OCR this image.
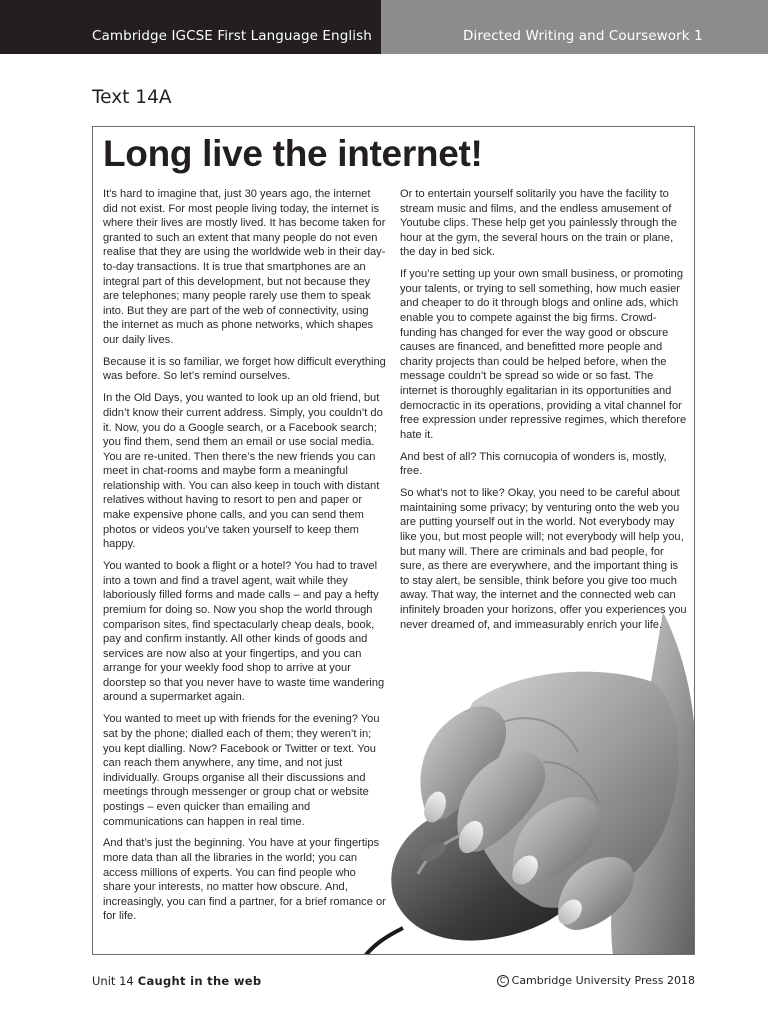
Cambridge IGCSE First Language English	Directed Writing and Coursework 1
Text 14A
Long live the internet!

It’s hard to imagine that, just 30 years ago, the internet did not exist. For most people living today, the internet is where their lives are mostly lived. It has become taken for granted to such an extent that many people do not even realise that they are using the worldwide web in their day-to-day transactions. It is true that smartphones are an integral part of this development, but not because they are telephones; many people rarely use them to speak into. But they are part of the web of connectivity, using the internet as much as phone networks, which shapes our daily lives.

Because it is so familiar, we forget how difficult everything was before. So let’s remind ourselves.

In the Old Days, you wanted to look up an old friend, but didn’t know their current address. Simply, you couldn’t do it. Now, you do a Google search, or a Facebook search; you find them, send them an email or use social media. You are re-united. Then there’s the new friends you can meet in chat-rooms and maybe form a meaningful relationship with. You can also keep in touch with distant relatives without having to resort to pen and paper or make expensive phone calls, and you can send them photos or videos you’ve taken yourself to keep them happy.

You wanted to book a flight or a hotel? You had to travel into a town and find a travel agent, wait while they laboriously filled forms and made calls – and pay a hefty premium for doing so. Now you shop the world through comparison sites, find spectacularly cheap deals, book, pay and confirm instantly. All other kinds of goods and services are now also at your fingertips, and you can arrange for your weekly food shop to arrive at your doorstep so that you never have to waste time wandering around a supermarket again.

You wanted to meet up with friends for the evening? You sat by the phone; dialled each of them; they weren’t in; you kept dialling. Now? Facebook or Twitter or text. You can reach them anywhere, any time, and not just individually. Groups organise all their discussions and meetings through messenger or group chat or website postings – even quicker than emailing and communications can happen in real time.

And that’s just the beginning. You have at your fingertips more data than all the libraries in the world; you can access millions of experts. You can find people who share your interests, no matter how obscure. And, increasingly, you can find a partner, for a brief romance or for life.

Or to entertain yourself solitarily you have the facility to stream music and films, and the endless amusement of Youtube clips. These help get you painlessly through the hour at the gym, the several hours on the train or plane, the day in bed sick.

If you’re setting up your own small business, or promoting your talents, or trying to sell something, how much easier and cheaper to do it through blogs and online ads, which enable you to compete against the big firms. Crowd-funding has changed for ever the way good or obscure causes are financed, and benefitted more people and charity projects than could be helped before, when the message couldn’t be spread so wide or so fast. The internet is thoroughly egalitarian in its opportunities and democractic in its operations, providing a vital channel for free expression under repressive regimes, which therefore hate it.

And best of all? This cornucopia of wonders is, mostly, free.

So what’s not to like? Okay, you need to be careful about maintaining some privacy; by venturing onto the web you are putting yourself out in the world. Not everybody may like you, but most people will; not everybody will help you, but many will. There are criminals and bad people, for sure, as there are everywhere, and the important thing is to stay alert, be sensible, think before you give too much away. That way, the internet and the connected web can infinitely broaden your horizons, offer you experiences you never dreamed of, and immeasurably enrich your life.

Unit 14 Caught in the web	C Cambridge University Press 2018
